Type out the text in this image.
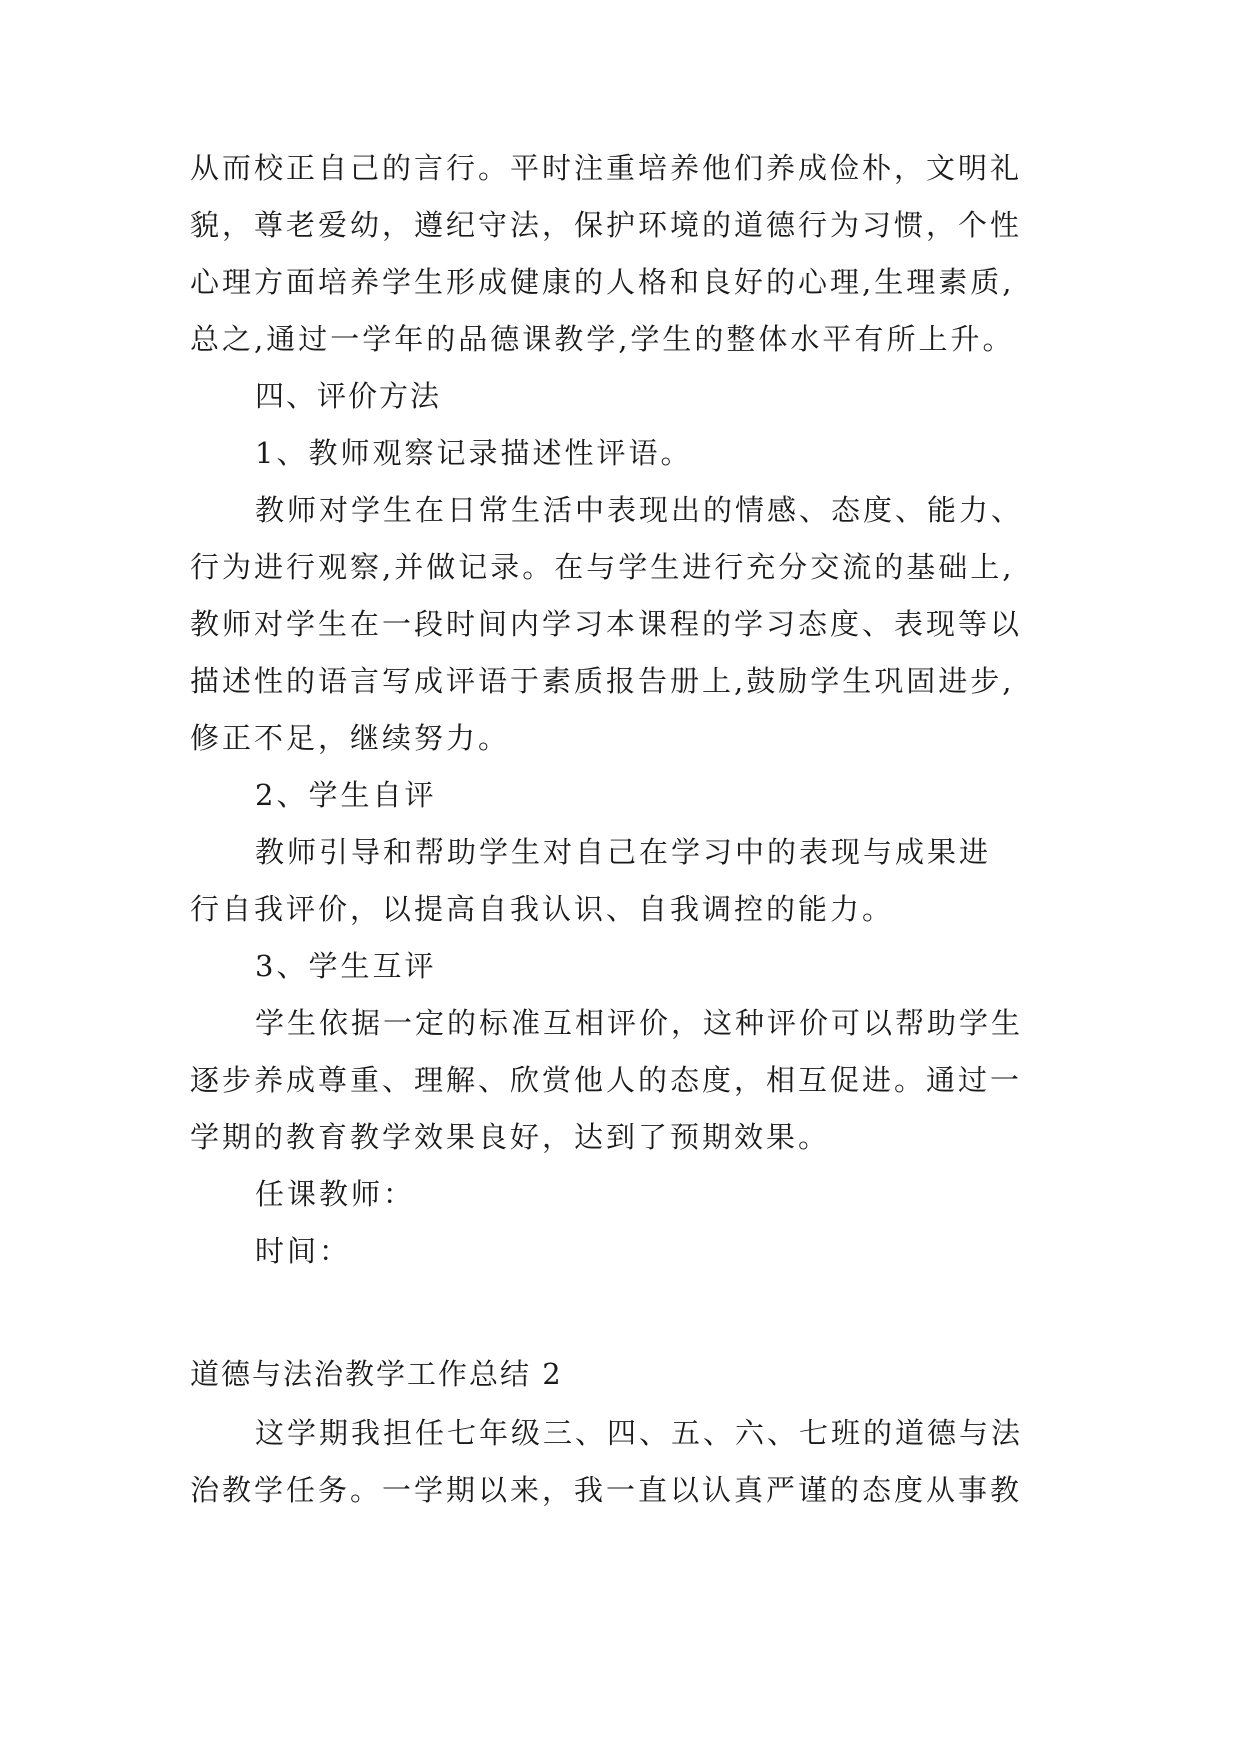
从而校正自己的言行。平时注重培养他们养成俭朴，文明礼
貌，尊老爱幼，遵纪守法，保护环境的道德行为习惯，个性
心理方面培养学生形成健康的人格和良好的心理,生理素质,
总之,通过一学年的品德课教学,学生的整体水平有所上升。
四、评价方法
1、教师观察记录描述性评语。
教师对学生在日常生活中表现出的情感、态度、能力、
行为进行观察,并做记录。在与学生进行充分交流的基础上,
教师对学生在一段时间内学习本课程的学习态度、表现等以
描述性的语言写成评语于素质报告册上,鼓励学生巩固进步,
修正不足，继续努力。
2、学生自评
教师引导和帮助学生对自己在学习中的表现与成果进
行自我评价，以提高自我认识、自我调控的能力。
3、学生互评
学生依据一定的标准互相评价，这种评价可以帮助学生
逐步养成尊重、理解、欣赏他人的态度，相互促进。通过一
学期的教育教学效果良好，达到了预期效果。
任课教师：
时间：
道德与法治教学工作总结 2
这学期我担任七年级三、四、五、六、七班的道德与法
治教学任务。一学期以来，我一直以认真严谨的态度从事教
